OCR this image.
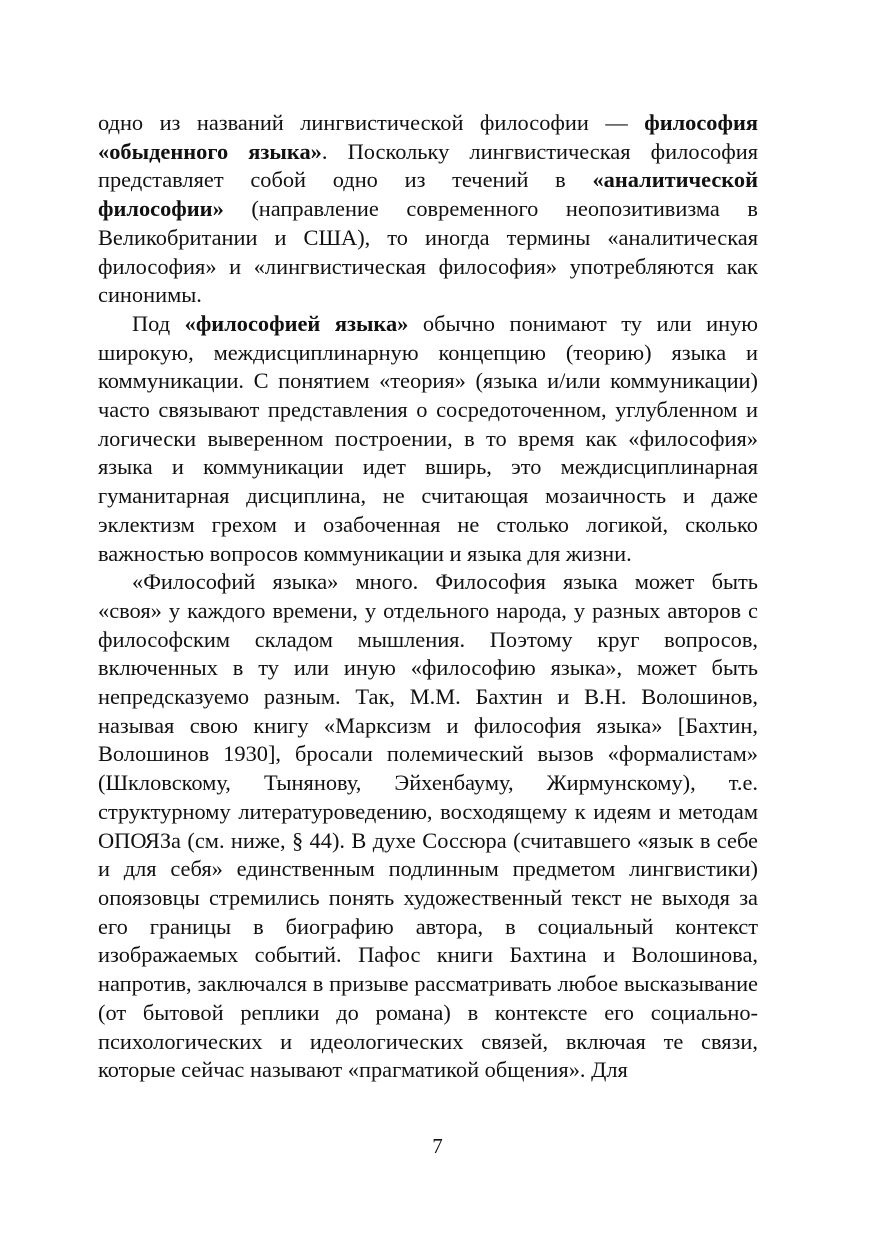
одно из названий лингвистической философии — философия «обыденного языка». Поскольку лингвистическая философия представляет собой одно из течений в «аналитической философии» (направление современного неопозитивизма в Великобритании и США), то иногда термины «аналитическая философия» и «лингвистическая философия» употребляются как синонимы.

Под «философией языка» обычно понимают ту или иную широкую, междисциплинарную концепцию (теорию) языка и коммуникации. С понятием «теория» (языка и/или коммуникации) часто связывают представления о сосредоточенном, углубленном и логически выверенном построении, в то время как «философия» языка и коммуникации идет вширь, это междисциплинарная гуманитарная дисциплина, не считающая мозаичность и даже эклектизм грехом и озабоченная не столько логикой, сколько важностью вопросов коммуникации и языка для жизни.

«Философий языка» много. Философия языка может быть «своя» у каждого времени, у отдельного народа, у разных авторов с философским складом мышления. Поэтому круг вопросов, включенных в ту или иную «философию языка», может быть непредсказуемо разным. Так, М.М. Бахтин и В.Н. Волошинов, называя свою книгу «Марксизм и философия языка» [Бахтин, Волошинов 1930], бросали полемический вызов «формалистам» (Шкловскому, Тынянову, Эйхенбауму, Жирмунскому), т.е. структурному литературоведению, восходящему к идеям и методам ОПОЯЗа (см. ниже, § 44). В духе Соссюра (считавшего «язык в себе и для себя» единственным подлинным предметом лингвистики) опоязовцы стремились понять художественный текст не выходя за его границы в биографию автора, в социальный контекст изображаемых событий. Пафос книги Бахтина и Волошинова, напротив, заключался в призыве рассматривать любое высказывание (от бытовой реплики до романа) в контексте его социально-психологических и идеологических связей, включая те связи, которые сейчас называют «прагматикой общения». Для

7
